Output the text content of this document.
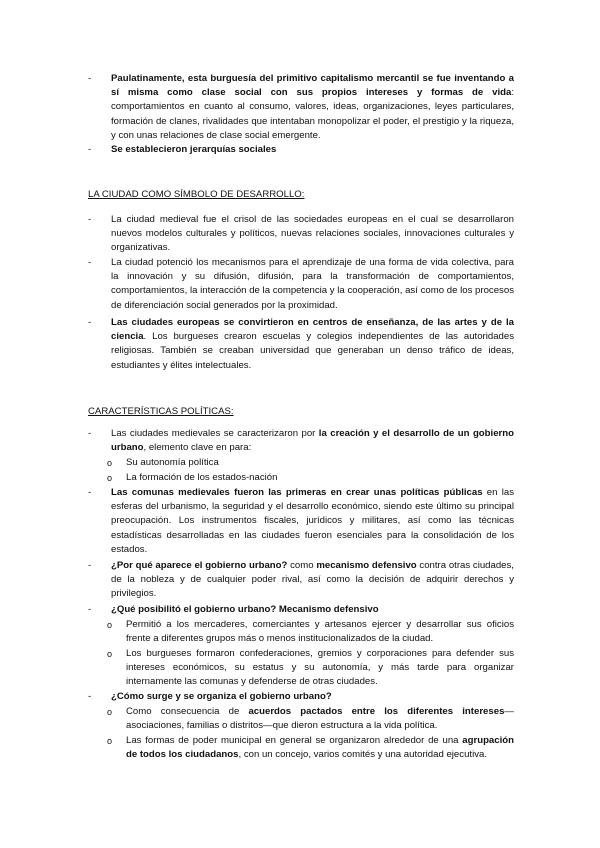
- Paulatinamente, esta burguesía del primitivo capitalismo mercantil se fue inventando a sí misma como clase social con sus propios intereses y formas de vida: comportamientos en cuanto al consumo, valores, ideas, organizaciones, leyes particulares, formación de clanes, rivalidades que intentaban monopolizar el poder, el prestigio y la riqueza, y con unas relaciones de clase social emergente.
- Se establecieron jerarquías sociales
LA CIUDAD COMO SÍMBOLO DE DESARROLLO:
- La ciudad medieval fue el crisol de las sociedades europeas en el cual se desarrollaron nuevos modelos culturales y políticos, nuevas relaciones sociales, innovaciones culturales y organizativas.
- La ciudad potenció los mecanismos para el aprendizaje de una forma de vida colectiva, para la innovación y su difusión, difusión, para la transformación de comportamientos, comportamientos, la interacción de la competencia y la cooperación, así como de los procesos de diferenciación social generados por la proximidad.
- Las ciudades europeas se convirtieron en centros de enseñanza, de las artes y de la ciencia. Los burgueses crearon escuelas y colegios independientes de las autoridades religiosas. También se creaban universidad que generaban un denso tráfico de ideas, estudiantes y élites intelectuales.
CARACTERÍSTICAS POLÍTICAS:
- Las ciudades medievales se caracterizaron por la creación y el desarrollo de un gobierno urbano, elemento clave en para:
o Su autonomía política
o La formación de los estados-nación
- Las comunas medievales fueron las primeras en crear unas políticas públicas en las esferas del urbanismo, la seguridad y el desarrollo económico, siendo este último su principal preocupación. Los instrumentos fiscales, jurídicos y militares, así como las técnicas estadísticas desarrolladas en las ciudades fueron esenciales para la consolidación de los estados.
- ¿Por qué aparece el gobierno urbano? como mecanismo defensivo contra otras ciudades, de la nobleza y de cualquier poder rival, así como la decisión de adquirir derechos y privilegios.
- ¿Qué posibilitó el gobierno urbano? Mecanismo defensivo
o Permitió a los mercaderes, comerciantes y artesanos ejercer y desarrollar sus oficios frente a diferentes grupos más o menos institucionalizados de la ciudad.
o Los burgueses formaron confederaciones, gremios y corporaciones para defender sus intereses económicos, su estatus y su autonomía, y más tarde para organizar internamente las comunas y defenderse de otras ciudades.
- ¿Cómo surge y se organiza el gobierno urbano?
o Como consecuencia de acuerdos pactados entre los diferentes intereses—asociaciones, familias o distritos—que dieron estructura a la vida política.
o Las formas de poder municipal en general se organizaron alrededor de una agrupación de todos los ciudadanos, con un concejo, varios comités y una autoridad ejecutiva.
